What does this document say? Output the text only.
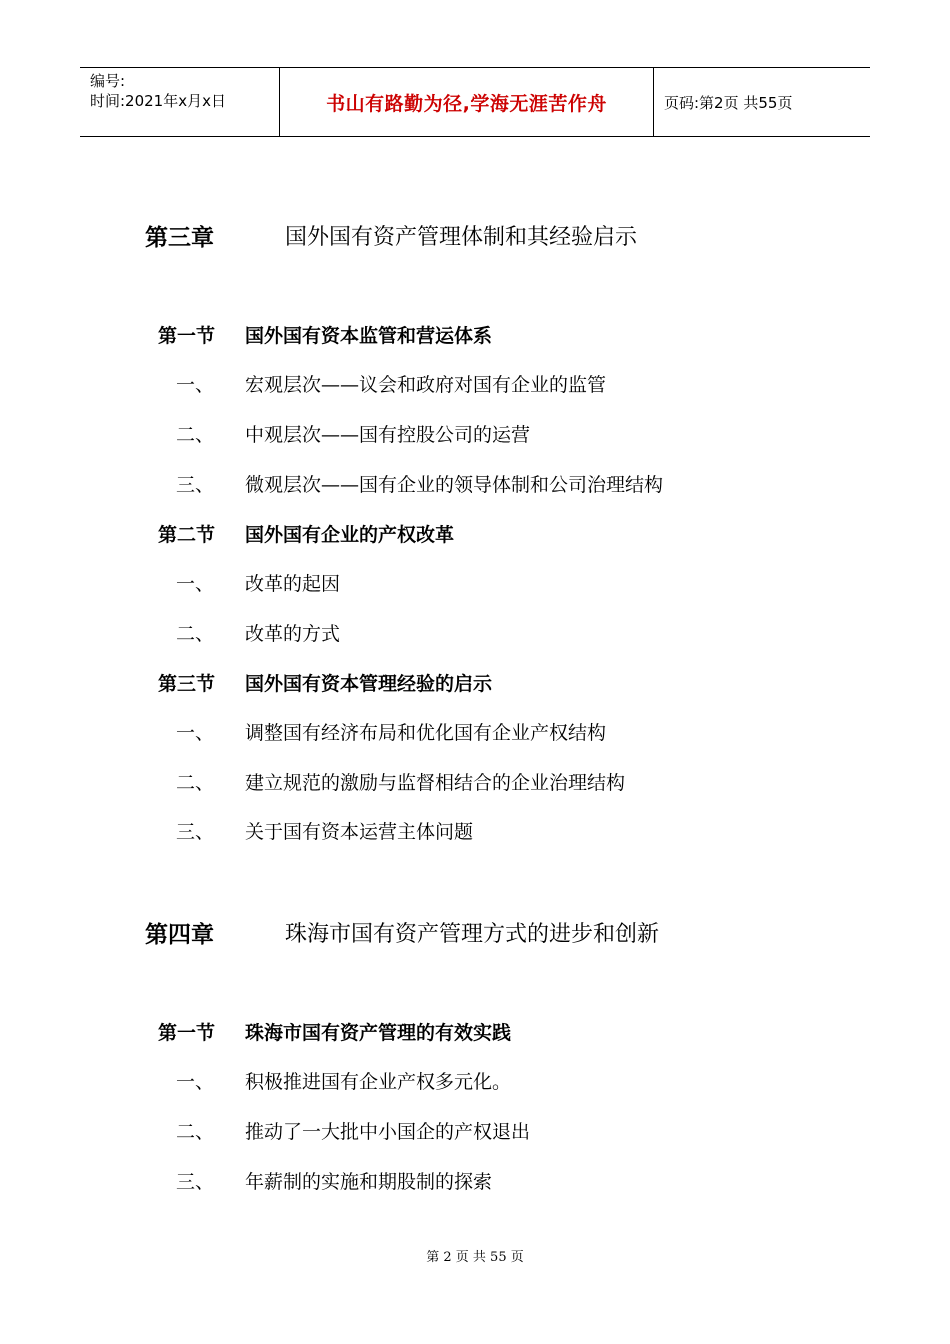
编号:
时间:2021年x月x日	书山有路勤为径,学海无涯苦作舟	页码:第2页 共55页
第三章	国外国有资产管理体制和其经验启示
第一节	国外国有资本监管和营运体系
一、	宏观层次——议会和政府对国有企业的监管
二、	中观层次——国有控股公司的运营
三、	微观层次——国有企业的领导体制和公司治理结构
第二节	国外国有企业的产权改革
一、	改革的起因
二、	改革的方式
第三节	国外国有资本管理经验的启示
一、	调整国有经济布局和优化国有企业产权结构
二、	建立规范的激励与监督相结合的企业治理结构
三、	关于国有资本运营主体问题
第四章	珠海市国有资产管理方式的进步和创新
第一节	珠海市国有资产管理的有效实践
一、	积极推进国有企业产权多元化。
二、	推动了一大批中小国企的产权退出
三、	年薪制的实施和期股制的探索
第 2 页 共 55 页
